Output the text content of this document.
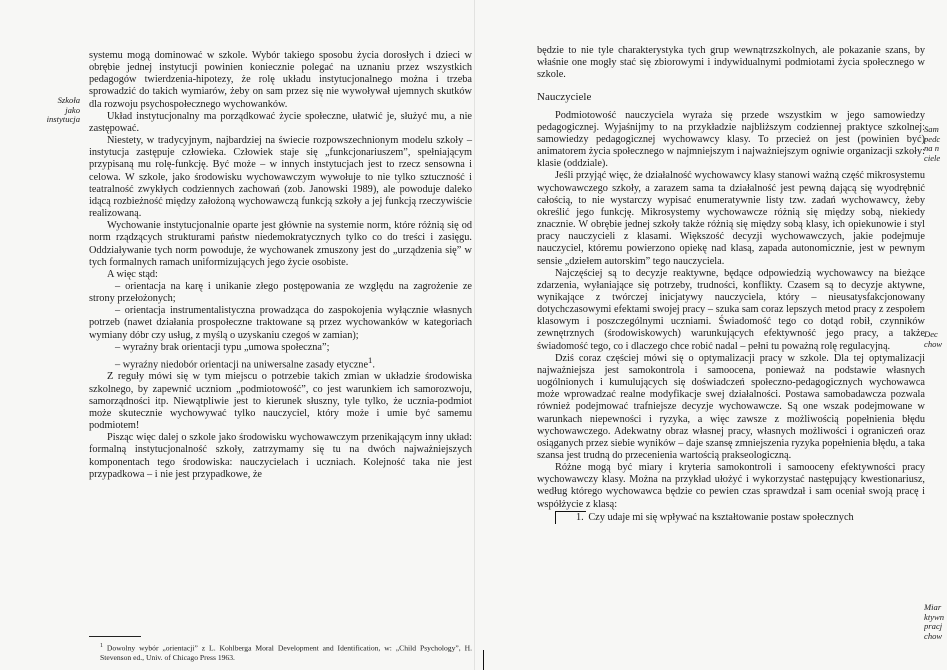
Szkoła
jako
instytucja

systemu mogą dominować w szkole. Wybór takiego sposobu życia dorosłych i dzieci w obrębie jednej instytucji powinien koniecznie polegać na uznaniu przez wszystkich pedagogów twierdzenia-hipotezy, że rolę układu instytucjonalnego można i trzeba sprowadzić do takich wymiarów, żeby on sam przez się nie wywoływał ujemnych skutków dla rozwoju psychospołecznego wychowanków.

Układ instytucjonalny ma porządkować życie społeczne, ułatwić je, służyć mu, a nie zastępować.

Niestety, w tradycyjnym, najbardziej na świecie rozpowszechnionym modelu szkoły – instytucja zastępuje człowieka. Człowiek staje się „funkcjonariuszem”, spełniającym przypisaną mu rolę-funkcję. Być może – w innych instytucjach jest to rzecz sensowna i celowa. W szkole, jako środowisku wychowawczym wywołuje to nie tylko sztuczność i teatralność zwykłych codziennych zachowań (zob. Janowski 1989), ale powoduje daleko idącą rozbieżność między założoną wychowawczą funkcją szkoły a jej funkcją rzeczywiście realizowaną.

Wychowanie instytucjonalnie oparte jest głównie na systemie norm, które różnią się od norm rządzących strukturami państw niedemokratycznych tylko co do treści i zasięgu. Oddziaływanie tych norm powoduje, że wychowanek zmuszony jest do „urządzenia się” w tych formalnych ramach uniformizujących jego życie osobiste.

A więc stąd:

– orientacja na karę i unikanie złego postępowania ze względu na zagrożenie ze strony przełożonych;

– orientacja instrumentalistyczna prowadząca do zaspokojenia wyłącznie własnych potrzeb (nawet działania prospołeczne traktowane są przez wychowanków w kategoriach wymiany dóbr czy usług, z myślą o uzyskaniu czegoś w zamian);

– wyraźny brak orientacji typu „umowa społeczna”;

– wyraźny niedobór orientacji na uniwersalne zasady etyczne$^1$.

Z reguły mówi się w tym miejscu o potrzebie takich zmian w układzie środowiska szkolnego, by zapewnić uczniom „podmiotowość”, co jest warunkiem ich samorozwoju, samorządności itp. Niewątpliwie jest to kierunek słuszny, tyle tylko, że ucznia-podmiot może skutecznie wychowywać tylko nauczyciel, który może i umie być samemu podmiotem!

Pisząc więc dalej o szkole jako środowisku wychowawczym przenikającym inny układ: formalną instytucjonalność szkoły, zatrzymamy się tu na dwóch najważniejszych komponentach tego środowiska: nauczycielach i uczniach. Kolejność taka nie jest przypadkowa – i nie jest przypadkowe, że

$^1$ Dowolny wybór „orientacji” z L. Kohlberga Moral Development and Identification, w: „Child Psychology”, H. Stevenson ed., Univ. of Chicago Press 1963.

będzie to nie tyle charakterystyka tych grup wewnątrzszkolnych, ale pokazanie szans, by właśnie one mogły stać się zbiorowymi i indywidualnymi podmiotami życia społecznego w szkole.

Nauczyciele

Podmiotowość nauczyciela wyraża się przede wszystkim w jego samowiedzy pedagogicznej. Wyjaśnijmy to na przykładzie najbliższym codziennej praktyce szkolnej: samowiedzy pedagogicznej wychowawcy klasy. To przecież on jest (powinien być) animatorem życia społecznego w najmniejszym i najważniejszym ogniwie organizacji szkoły: klasie (oddziale).

Jeśli przyjąć więc, że działalność wychowawcy klasy stanowi ważną część mikrosystemu wychowawczego szkoły, a zarazem sama ta działalność jest pewną dającą się wyodrębnić całością, to nie wystarczy wypisać enumeratywnie listy tzw. zadań wychowawcy, żeby określić jego funkcję. Mikrosystemy wychowawcze różnią się między sobą, niekiedy znacznie. W obrębie jednej szkoły także różnią się między sobą klasy, ich opiekunowie i styl pracy nauczycieli z klasami. Większość decyzji wychowawczych, jakie podejmuje nauczyciel, któremu powierzono opiekę nad klasą, zapada autonomicznie, jest w pewnym sensie „dziełem autorskim” tego nauczyciela.

Najczęściej są to decyzje reaktywne, będące odpowiedzią wychowawcy na bieżące zdarzenia, wyłaniające się potrzeby, trudności, konflikty. Czasem są to decyzje aktywne, wynikające z twórczej inicjatywy nauczyciela, który – nieusatysfakcjonowany dotychczasowymi efektami swojej pracy – szuka sam coraz lepszych metod pracy z zespołem klasowym i poszczególnymi uczniami. Świadomość tego co dotąd robił, czynników zewnętrznych (środowiskowych) warunkujących efektywność jego pracy, a także świadomość tego, co i dlaczego chce robić nadal – pełni tu poważną rolę regulacyjną.

Dziś coraz częściej mówi się o optymalizacji pracy w szkole. Dla tej optymalizacji najważniejsza jest samokontrola i samoocena, ponieważ na podstawie własnych uogólnionych i kumulujących się doświadczeń społeczno-pedagogicznych wychowawca może wprowadzać realne modyfikacje swej działalności. Postawa samobadawcza pozwala również podejmować trafniejsze decyzje wychowawcze. Są one wszak podejmowane w warunkach niepewności i ryzyka, a więc zawsze z możliwością popełnienia błędu wychowawczego. Adekwatny obraz własnej pracy, własnych możliwości i ograniczeń oraz osiąganych przez siebie wyników – daje szansę zmniejszenia ryzyka popełnienia błędu, a taka szansa jest trudną do przecenienia wartością prakseologiczną.

Różne mogą być miary i kryteria samokontroli i samooceny efektywności pracy wychowawczy klasy. Można na przykład ułożyć i wykorzystać następujący kwestionariusz, według którego wychowawca będzie co pewien czas sprawdzał i sam oceniał swoją pracę i współżycie z klasą:

1. Czy udaje mi się wpływać na kształtowanie postaw społecznych

Sam
pedc
na n
ciele
Dec
chow
Miar
ktywn
pracj
chow
